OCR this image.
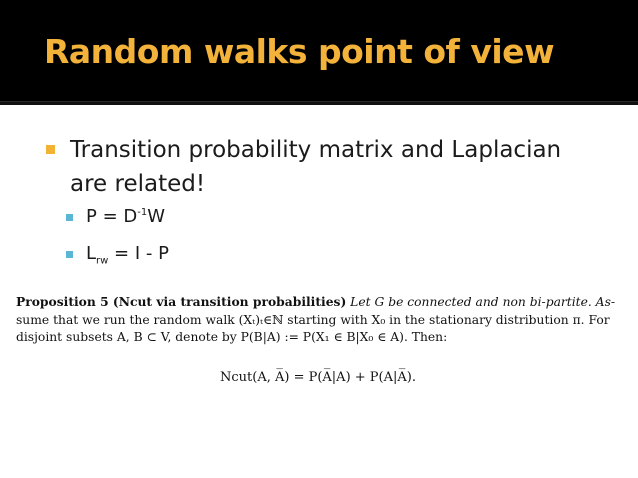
Random walks point of view
Transition probability matrix and Laplacian
are related!
$P = D^{-1}W$
$L_{rw} = I - P$
Proposition 5 (Ncut via transition probabilities) Let G be connected and non bi-partite. As-
sume that we run the random walk (Xₜ)ₜ∈ℕ starting with X₀ in the stationary distribution π. For
disjoint subsets A, B ⊂ V, denote by P(B|A) := P(X₁ ∈ B|X₀ ∈ A). Then:
Ncut(A, A̅) = P(A̅|A) + P(A|A̅).
